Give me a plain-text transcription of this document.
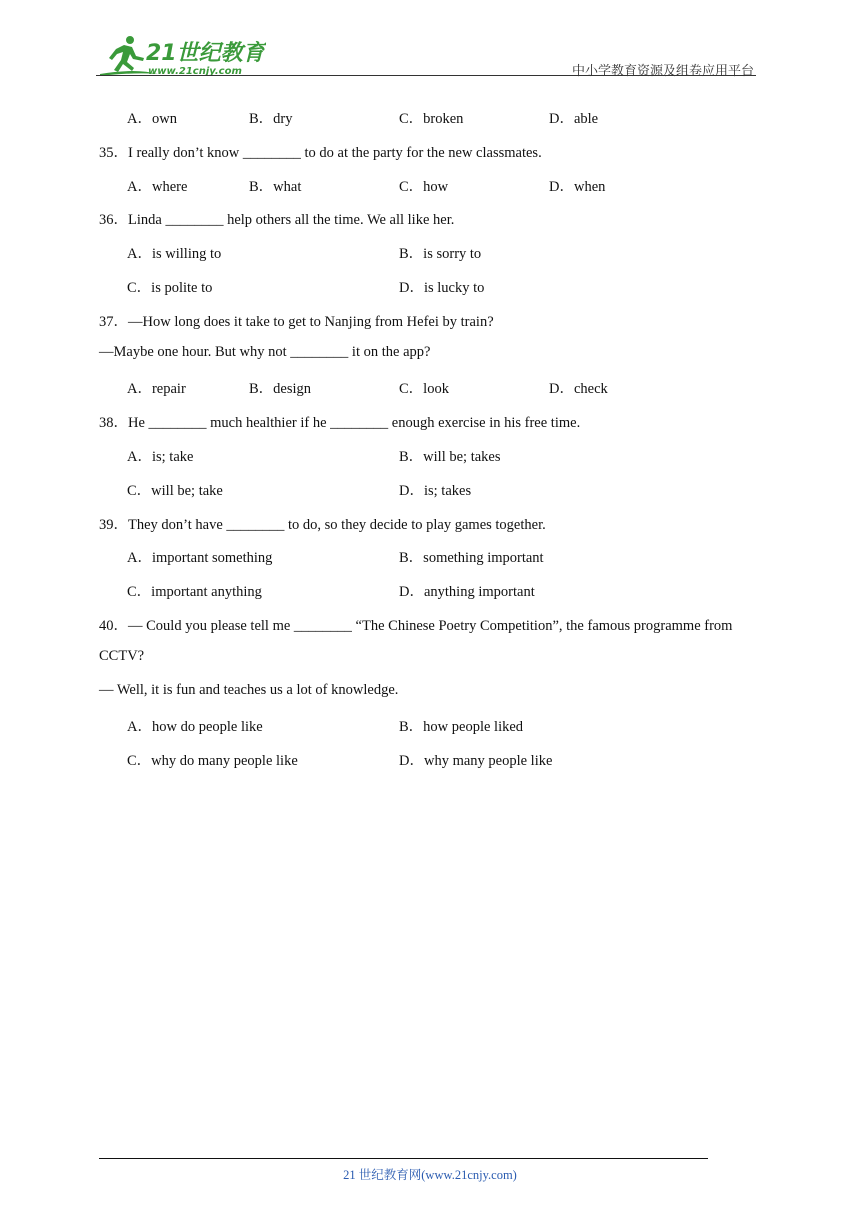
21世纪教育
www.21cnjy.com	中小学教育资源及组卷应用平台
A．own	B．dry	C．broken	D．able
35．I really don’t know ________ to do at the party for the new classmates.
A．where	B．what	C．how	D．when
36．Linda ________ help others all the time. We all like her.
A．is willing to	B．is sorry to
C．is polite to	D．is lucky to
37．—How long does it take to get to Nanjing from Hefei by train?
—Maybe one hour. But why not ________ it on the app?
A．repair	B．design	C．look	D．check
38．He ________ much healthier if he ________ enough exercise in his free time.
A．is; take	B．will be; takes
C．will be; take	D．is; takes
39．They don’t have ________ to do, so they decide to play games together.
A．important something	B．something important
C．important anything	D．anything important
40．— Could you please tell me ________ “The Chinese Poetry Competition”, the famous programme from
CCTV?
— Well, it is fun and teaches us a lot of knowledge.
A．how do people like	B．how people liked
C．why do many people like	D．why many people like
21 世纪教育网(www.21cnjy.com)
